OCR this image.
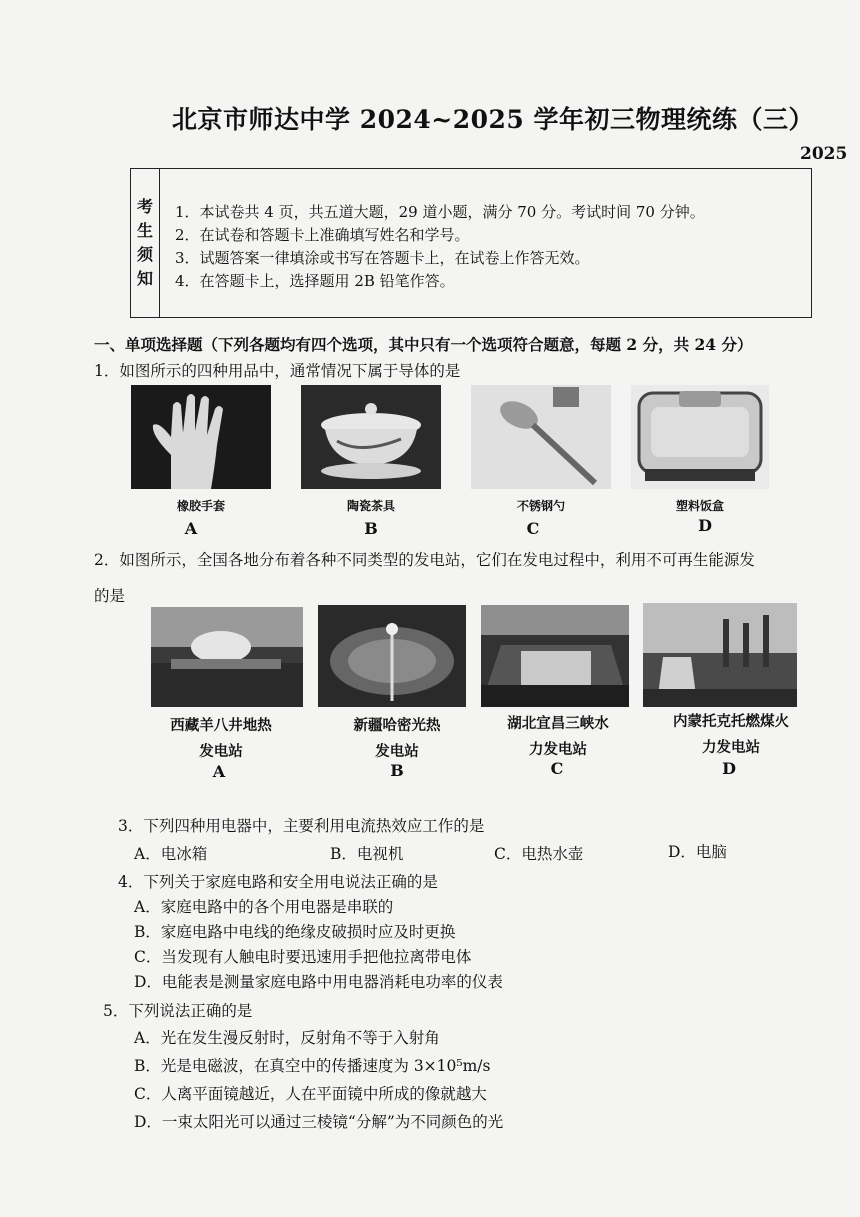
北京市师达中学 2024~2025 学年初三物理统练（三）
2025
考
生
须
知
1．本试卷共 4 页，共五道大题，29 道小题，满分 70 分。考试时间 70 分钟。
2．在试卷和答题卡上准确填写姓名和学号。
3．试题答案一律填涂或书写在答题卡上，在试卷上作答无效。
4．在答题卡上，选择题用 2B 铅笔作答。
一、单项选择题（下列各题均有四个选项，其中只有一个选项符合题意，每题 2 分，共 24 分）
1．如图所示的四种用品中，通常情况下属于导体的是
橡胶手套	陶瓷茶具	不锈钢勺	塑料饭盒
A	B	C	D
2．如图所示，全国各地分布着各种不同类型的发电站，它们在发电过程中，利用不可再生能源发
的是
西藏羊八井地热
发电站
新疆哈密光热
发电站
湖北宜昌三峡水
力发电站
内蒙托克托燃煤火
力发电站
A	B	C	D
3．下列四种用电器中，主要利用电流热效应工作的是
A．电冰箱	B．电视机	C．电热水壶	D．电脑
4．下列关于家庭电路和安全用电说法正确的是
A．家庭电路中的各个用电器是串联的
B．家庭电路中电线的绝缘皮破损时应及时更换
C．当发现有人触电时要迅速用手把他拉离带电体
D．电能表是测量家庭电路中用电器消耗电功率的仪表
5．下列说法正确的是
A．光在发生漫反射时，反射角不等于入射角
B．光是电磁波，在真空中的传播速度为 3×10⁵m/s
C．人离平面镜越近，人在平面镜中所成的像就越大
D．一束太阳光可以通过三棱镜“分解”为不同颜色的光
